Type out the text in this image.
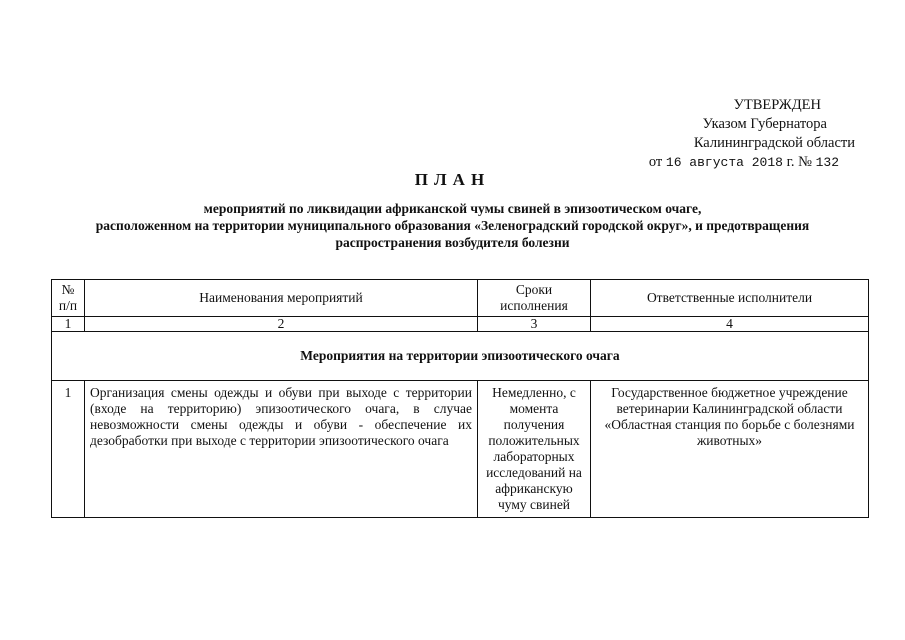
УТВЕРЖДЕН
Указом Губернатора
Калининградской области
от 16 августа 2018 г. № 132
ПЛАН
мероприятий по ликвидации африканской чумы свиней в эпизоотическом очаге,
расположенном на территории муниципального образования «Зеленоградский городской округ», и предотвращения
распространения возбудителя болезни
№ п/п	Наименования мероприятий	Сроки исполнения	Ответственные исполнители
1	2	3	4
Мероприятия на территории эпизоотического очага			
1	Организация смены одежды и обуви при выходе с территории (входе на территорию) эпизоотического очага, в случае невозможности смены одежды и обуви - обеспечение их дезобработки при выходе с территории эпизоотического очага	Немедленно, с момента получения положительных лабораторных исследований на африканскую чуму свиней	Государственное бюджетное учреждение ветеринарии Калининградской области «Областная станция по борьбе с болезнями животных»
